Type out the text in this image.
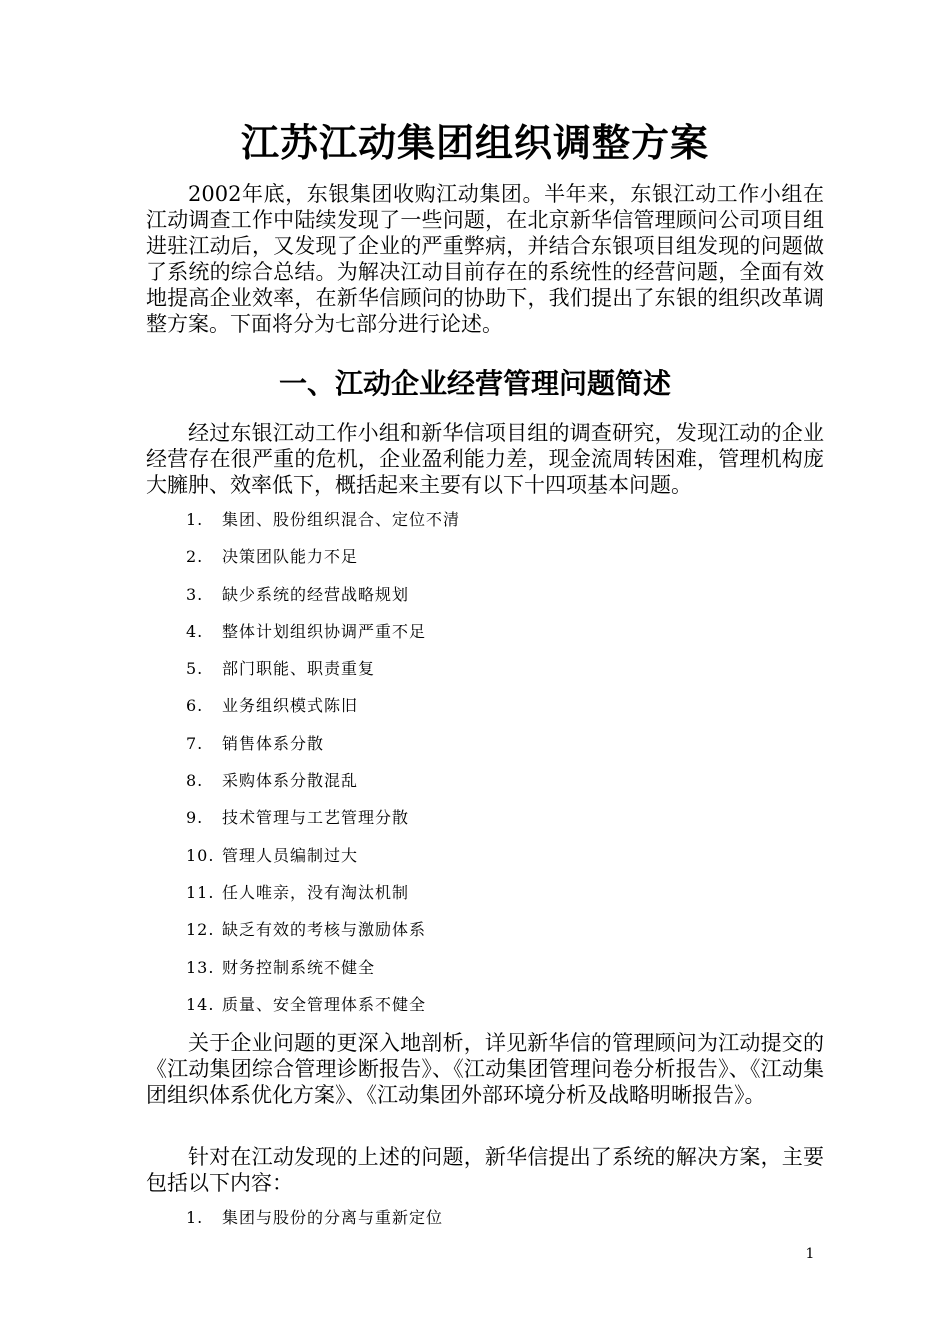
江苏江动集团组织调整方案

2002年底，东银集团收购江动集团。半年来，东银江动工作小组在江动调查工作中陆续发现了一些问题，在北京新华信管理顾问公司项目组进驻江动后，又发现了企业的严重弊病，并结合东银项目组发现的问题做了系统的综合总结。为解决江动目前存在的系统性的经营问题，全面有效地提高企业效率，在新华信顾问的协助下，我们提出了东银的组织改革调整方案。下面将分为七部分进行论述。

一、江动企业经营管理问题简述

经过东银江动工作小组和新华信项目组的调查研究，发现江动的企业经营存在很严重的危机，企业盈利能力差，现金流周转困难，管理机构庞大臃肿、效率低下，概括起来主要有以下十四项基本问题。

1. 集团、股份组织混合、定位不清
2. 决策团队能力不足
3. 缺少系统的经营战略规划
4. 整体计划组织协调严重不足
5. 部门职能、职责重复
6. 业务组织模式陈旧
7. 销售体系分散
8. 采购体系分散混乱
9. 技术管理与工艺管理分散
10. 管理人员编制过大
11. 任人唯亲，没有淘汰机制
12. 缺乏有效的考核与激励体系
13. 财务控制系统不健全
14. 质量、安全管理体系不健全

关于企业问题的更深入地剖析，详见新华信的管理顾问为江动提交的《江动集团综合管理诊断报告》、《江动集团管理问卷分析报告》、《江动集团组织体系优化方案》、《江动集团外部环境分析及战略明晰报告》。

针对在江动发现的上述的问题，新华信提出了系统的解决方案，主要包括以下内容：

1. 集团与股份的分离与重新定位
1
